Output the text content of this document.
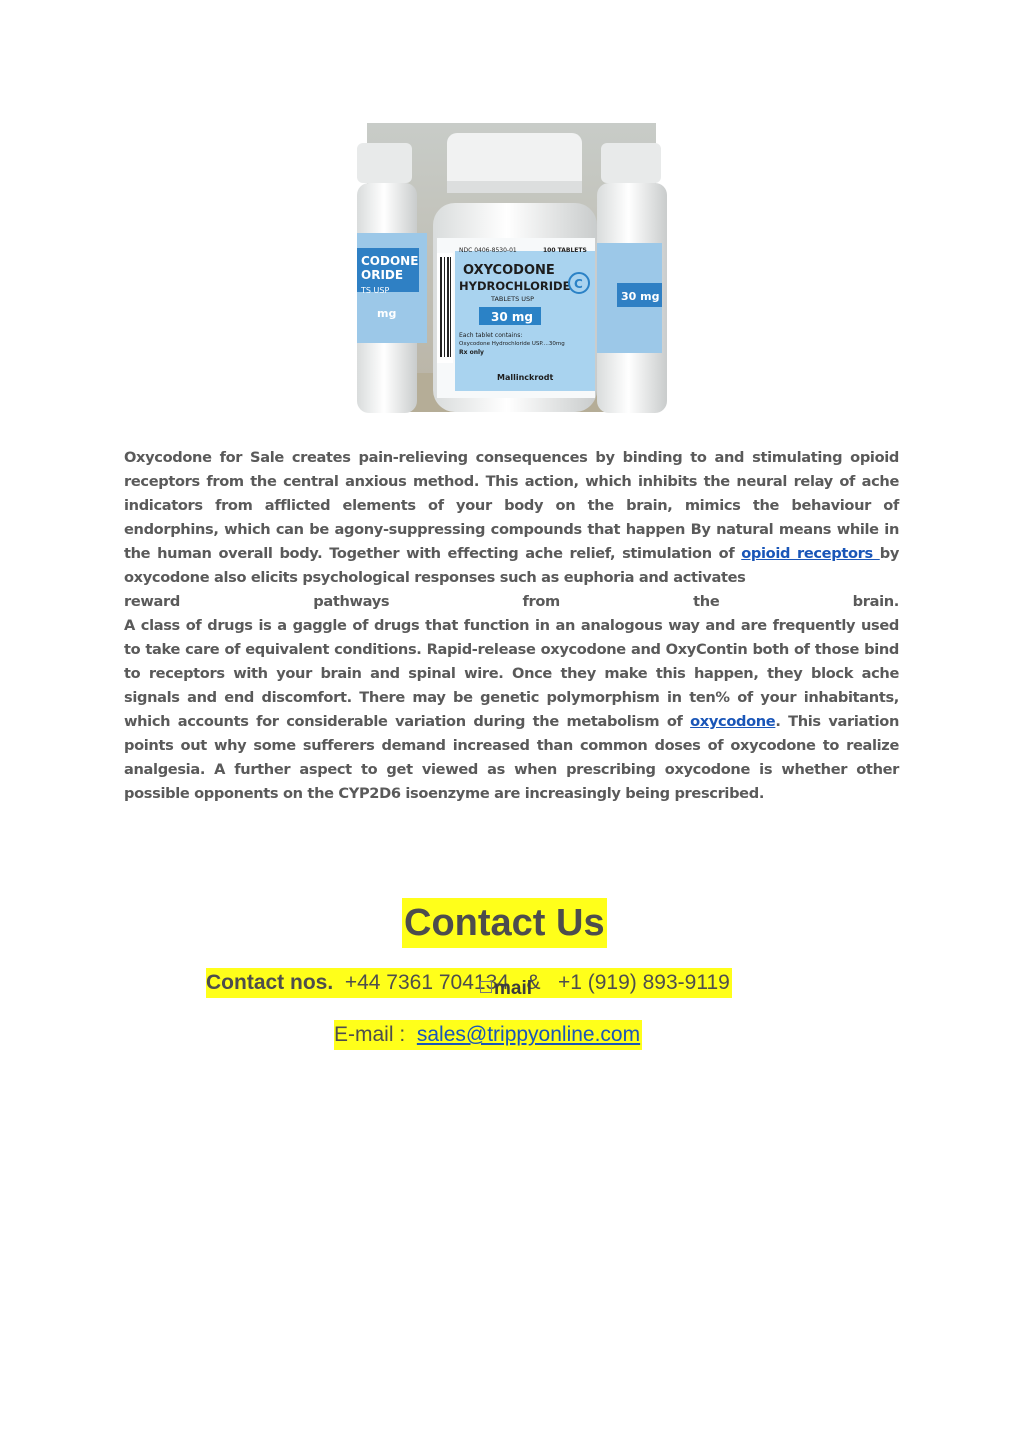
CODONE
ORIDE
TS USP
mg
30 mg
NDC 0406-8530-01	100 TABLETS
OXYCODONE
HYDROCHLORIDE
TABLETS USP
30 mg
Each tablet contains:
Oxycodone Hydrochloride USP....30mg
Rx only
Mallinckrodt
C
Oxycodone for Sale creates pain-relieving consequences by binding to and stimulating opioid receptors from the central anxious method. This action, which inhibits the neural relay of ache indicators from afflicted elements of your body on the brain, mimics the behaviour of endorphins, which can be agony-suppressing compounds that happen By natural means while in the human overall body. Together with effecting ache relief, stimulation of opioid receptors by oxycodone also elicits psychological responses such as euphoria and activates
reward pathways from the brain.
A class of drugs is a gaggle of drugs that function in an analogous way and are frequently used to take care of equivalent conditions. Rapid-release oxycodone and OxyContin both of those bind to receptors with your brain and spinal wire. Once they make this happen, they block ache signals and end discomfort. There may be genetic polymorphism in ten% of your inhabitants, which accounts for considerable variation during the metabolism of oxycodone. This variation points out why some sufferers demand increased than common doses of oxycodone to realize analgesia. A further aspect to get viewed as when prescribing oxycodone is whether other possible opponents on the CYP2D6 isoenzyme are increasingly being prescribed.
Contact Us
Contact nos. +44 7361 704134 & +1 (919) 893-9119
mail
E-mail : sales@trippyonline.com
